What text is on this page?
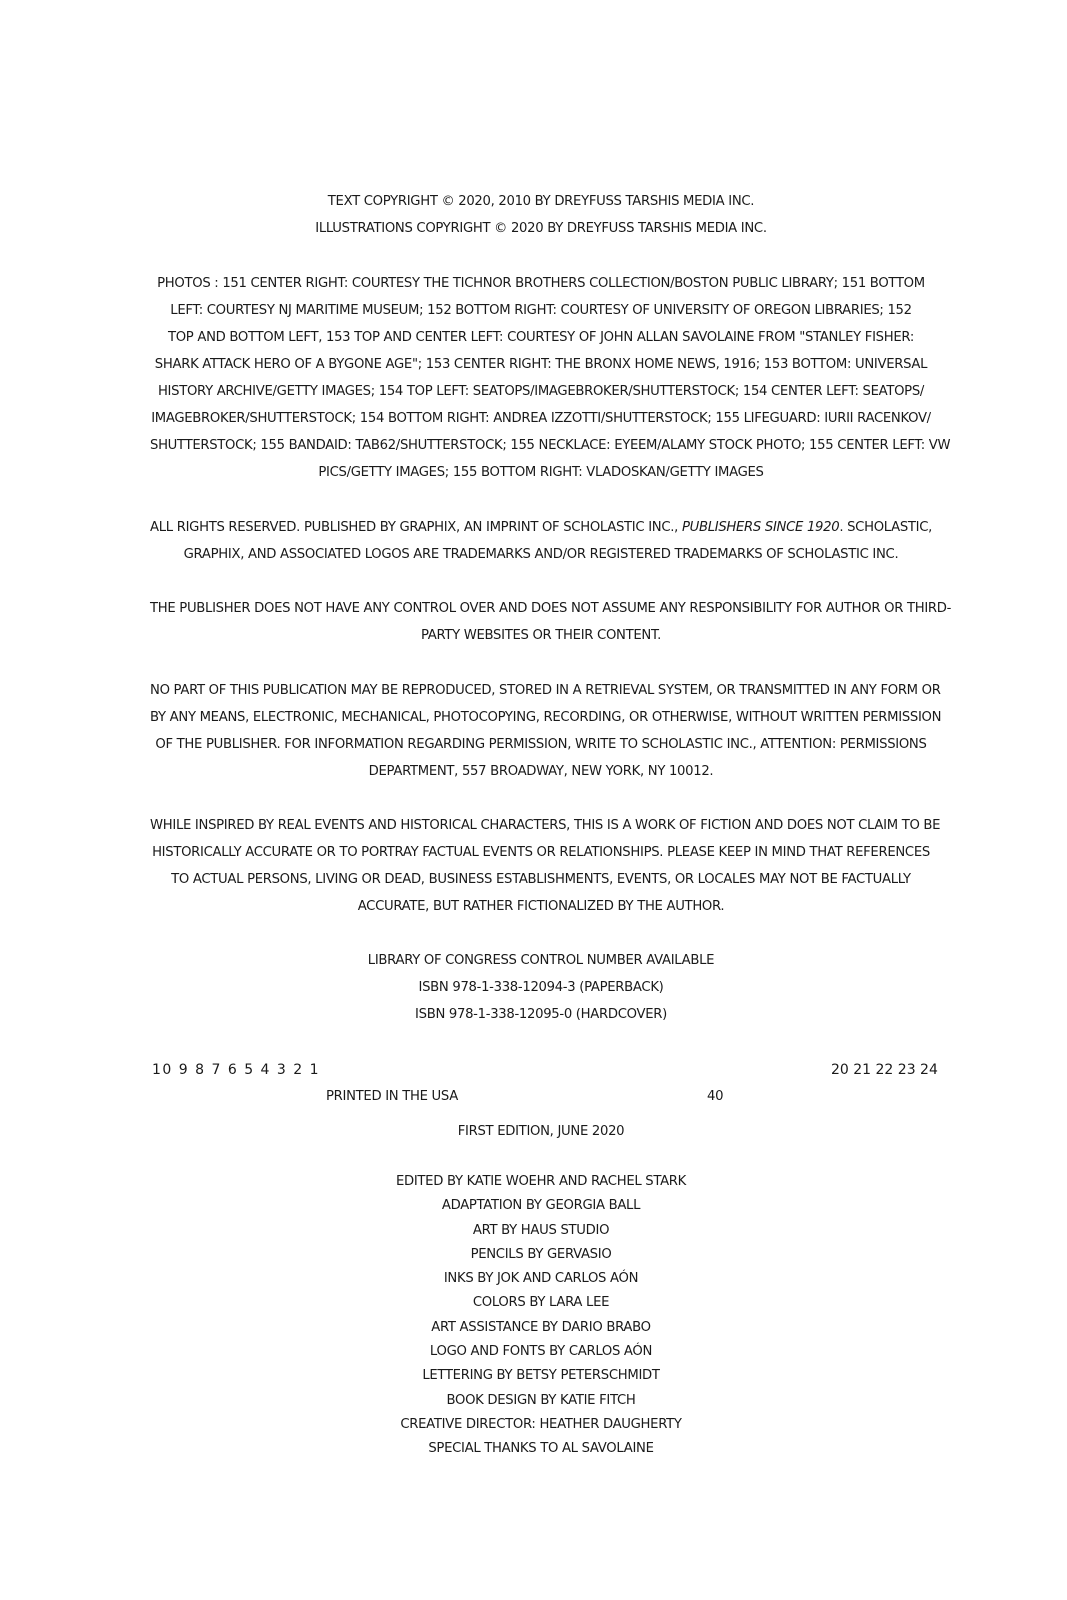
TEXT COPYRIGHT © 2020, 2010 BY DREYFUSS TARSHIS MEDIA INC.
ILLUSTRATIONS COPYRIGHT © 2020 BY DREYFUSS TARSHIS MEDIA INC.
PHOTOS : 151 CENTER RIGHT: COURTESY THE TICHNOR BROTHERS COLLECTION/BOSTON PUBLIC LIBRARY; 151 BOTTOM
LEFT: COURTESY NJ MARITIME MUSEUM; 152 BOTTOM RIGHT: COURTESY OF UNIVERSITY OF OREGON LIBRARIES; 152
TOP AND BOTTOM LEFT, 153 TOP AND CENTER LEFT: COURTESY OF JOHN ALLAN SAVOLAINE FROM "STANLEY FISHER:
SHARK ATTACK HERO OF A BYGONE AGE"; 153 CENTER RIGHT: THE BRONX HOME NEWS, 1916; 153 BOTTOM: UNIVERSAL
HISTORY ARCHIVE/GETTY IMAGES; 154 TOP LEFT: SEATOPS/IMAGEBROKER/SHUTTERSTOCK; 154 CENTER LEFT: SEATOPS/
IMAGEBROKER/SHUTTERSTOCK; 154 BOTTOM RIGHT: ANDREA IZZOTTI/SHUTTERSTOCK; 155 LIFEGUARD: IURII RACENKOV/
SHUTTERSTOCK; 155 BANDAID: TAB62/SHUTTERSTOCK; 155 NECKLACE: EYEEM/ALAMY STOCK PHOTO; 155 CENTER LEFT: VW
PICS/GETTY IMAGES; 155 BOTTOM RIGHT: VLADOSKAN/GETTY IMAGES
ALL RIGHTS RESERVED. PUBLISHED BY GRAPHIX, AN IMPRINT OF SCHOLASTIC INC., PUBLISHERS SINCE 1920. SCHOLASTIC,
GRAPHIX, AND ASSOCIATED LOGOS ARE TRADEMARKS AND/OR REGISTERED TRADEMARKS OF SCHOLASTIC INC.
THE PUBLISHER DOES NOT HAVE ANY CONTROL OVER AND DOES NOT ASSUME ANY RESPONSIBILITY FOR AUTHOR OR THIRD-
PARTY WEBSITES OR THEIR CONTENT.
NO PART OF THIS PUBLICATION MAY BE REPRODUCED, STORED IN A RETRIEVAL SYSTEM, OR TRANSMITTED IN ANY FORM OR
BY ANY MEANS, ELECTRONIC, MECHANICAL, PHOTOCOPYING, RECORDING, OR OTHERWISE, WITHOUT WRITTEN PERMISSION
OF THE PUBLISHER. FOR INFORMATION REGARDING PERMISSION, WRITE TO SCHOLASTIC INC., ATTENTION: PERMISSIONS
DEPARTMENT, 557 BROADWAY, NEW YORK, NY 10012.
WHILE INSPIRED BY REAL EVENTS AND HISTORICAL CHARACTERS, THIS IS A WORK OF FICTION AND DOES NOT CLAIM TO BE
HISTORICALLY ACCURATE OR TO PORTRAY FACTUAL EVENTS OR RELATIONSHIPS. PLEASE KEEP IN MIND THAT REFERENCES
TO ACTUAL PERSONS, LIVING OR DEAD, BUSINESS ESTABLISHMENTS, EVENTS, OR LOCALES MAY NOT BE FACTUALLY
ACCURATE, BUT RATHER FICTIONALIZED BY THE AUTHOR.
LIBRARY OF CONGRESS CONTROL NUMBER AVAILABLE
ISBN 978-1-338-12094-3 (PAPERBACK)
ISBN 978-1-338-12095-0 (HARDCOVER)
10 9 8 7 6 5 4 3 2 1	20 21 22 23 24
PRINTED IN THE USA	40
FIRST EDITION, JUNE 2020
EDITED BY KATIE WOEHR AND RACHEL STARK
ADAPTATION BY GEORGIA BALL
ART BY HAUS STUDIO
PENCILS BY GERVASIO
INKS BY JOK AND CARLOS AÓN
COLORS BY LARA LEE
ART ASSISTANCE BY DARIO BRABO
LOGO AND FONTS BY CARLOS AÓN
LETTERING BY BETSY PETERSCHMIDT
BOOK DESIGN BY KATIE FITCH
CREATIVE DIRECTOR: HEATHER DAUGHERTY
SPECIAL THANKS TO AL SAVOLAINE
